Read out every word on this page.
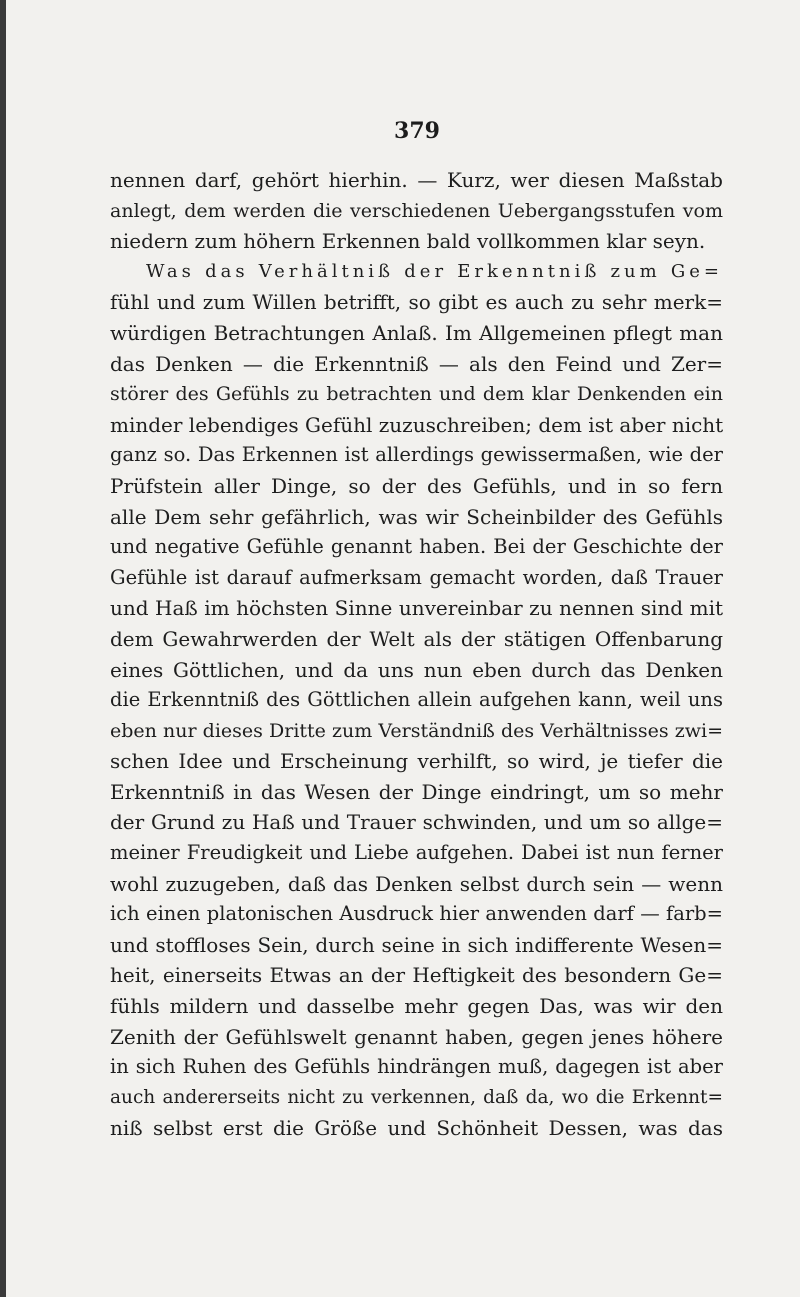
379
nennen darf, gehört hierhin. — Kurz, wer diesen Maßstab
anlegt, dem werden die verschiedenen Uebergangsstufen vom
niedern zum höhern Erkennen bald vollkommen klar seyn.
Was das Verhältniß der Erkenntniß zum Ge=
fühl und zum Willen betrifft, so gibt es auch zu sehr merk=
würdigen Betrachtungen Anlaß. Im Allgemeinen pflegt man
das Denken — die Erkenntniß — als den Feind und Zer=
störer des Gefühls zu betrachten und dem klar Denkenden ein
minder lebendiges Gefühl zuzuschreiben; dem ist aber nicht
ganz so. Das Erkennen ist allerdings gewissermaßen, wie der
Prüfstein aller Dinge, so der des Gefühls, und in so fern
alle Dem sehr gefährlich, was wir Scheinbilder des Gefühls
und negative Gefühle genannt haben. Bei der Geschichte der
Gefühle ist darauf aufmerksam gemacht worden, daß Trauer
und Haß im höchsten Sinne unvereinbar zu nennen sind mit
dem Gewahrwerden der Welt als der stätigen Offenbarung
eines Göttlichen, und da uns nun eben durch das Denken
die Erkenntniß des Göttlichen allein aufgehen kann, weil uns
eben nur dieses Dritte zum Verständniß des Verhältnisses zwi=
schen Idee und Erscheinung verhilft, so wird, je tiefer die
Erkenntniß in das Wesen der Dinge eindringt, um so mehr
der Grund zu Haß und Trauer schwinden, und um so allge=
meiner Freudigkeit und Liebe aufgehen. Dabei ist nun ferner
wohl zuzugeben, daß das Denken selbst durch sein — wenn
ich einen platonischen Ausdruck hier anwenden darf — farb=
und stoffloses Sein, durch seine in sich indifferente Wesen=
heit, einerseits Etwas an der Heftigkeit des besondern Ge=
fühls mildern und dasselbe mehr gegen Das, was wir den
Zenith der Gefühlswelt genannt haben, gegen jenes höhere
in sich Ruhen des Gefühls hindrängen muß, dagegen ist aber
auch andererseits nicht zu verkennen, daß da, wo die Erkennt=
niß selbst erst die Größe und Schönheit Dessen, was das
